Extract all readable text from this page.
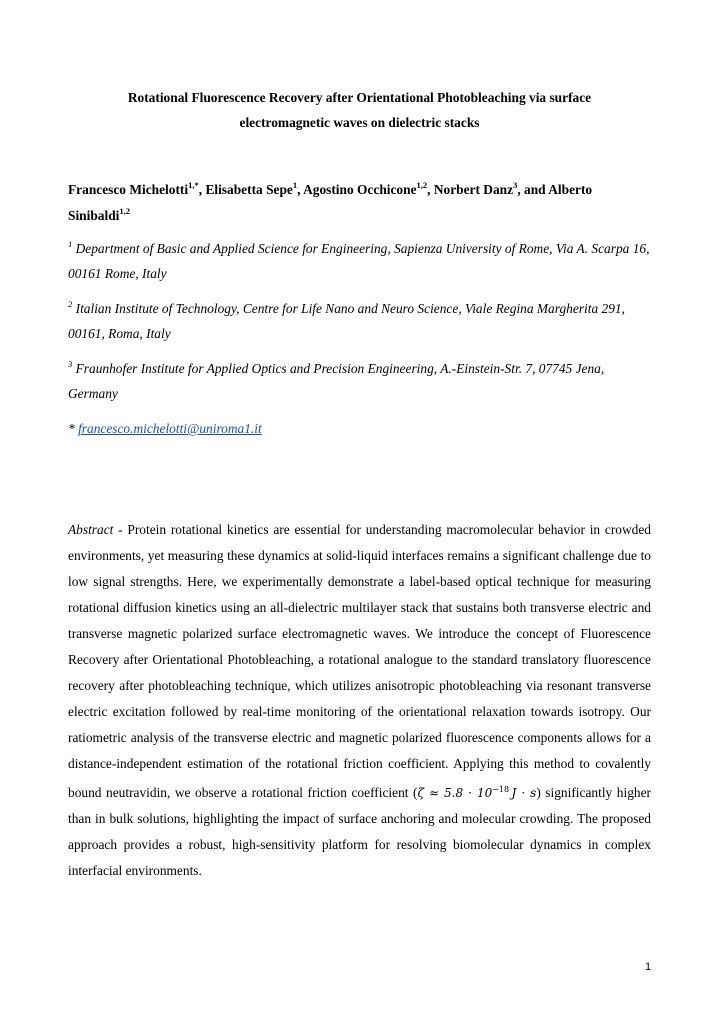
Rotational Fluorescence Recovery after Orientational Photobleaching via surface
electromagnetic waves on dielectric stacks
Francesco Michelotti$^{1,*}$, Elisabetta Sepe$^1$, Agostino Occhicone$^{1,2}$, Norbert Danz$^3$, and Alberto Sinibaldi$^{1,2}$
$^1$ Department of Basic and Applied Science for Engineering, Sapienza University of Rome, Via A. Scarpa 16, 00161 Rome, Italy
$^2$ Italian Institute of Technology, Centre for Life Nano and Neuro Science, Viale Regina Margherita 291, 00161, Roma, Italy
$^3$ Fraunhofer Institute for Applied Optics and Precision Engineering, A.-Einstein-Str. 7, 07745 Jena, Germany
* francesco.michelotti@uniroma1.it
Abstract - Protein rotational kinetics are essential for understanding macromolecular behavior in crowded environments, yet measuring these dynamics at solid-liquid interfaces remains a significant challenge due to low signal strengths. Here, we experimentally demonstrate a label-based optical technique for measuring rotational diffusion kinetics using an all-dielectric multilayer stack that sustains both transverse electric and transverse magnetic polarized surface electromagnetic waves. We introduce the concept of Fluorescence Recovery after Orientational Photobleaching, a rotational analogue to the standard translatory fluorescence recovery after photobleaching technique, which utilizes anisotropic photobleaching via resonant transverse electric excitation followed by real-time monitoring of the orientational relaxation towards isotropy. Our ratiometric analysis of the transverse electric and magnetic polarized fluorescence components allows for a distance-independent estimation of the rotational friction coefficient. Applying this method to covalently bound neutravidin, we observe a rotational friction coefficient ($\zeta \approx 5.8 \cdot 10^{-18}$  J · s) significantly higher than in bulk solutions, highlighting the impact of surface anchoring and molecular crowding. The proposed approach provides a robust, high-sensitivity platform for resolving biomolecular dynamics in complex interfacial environments.
1
